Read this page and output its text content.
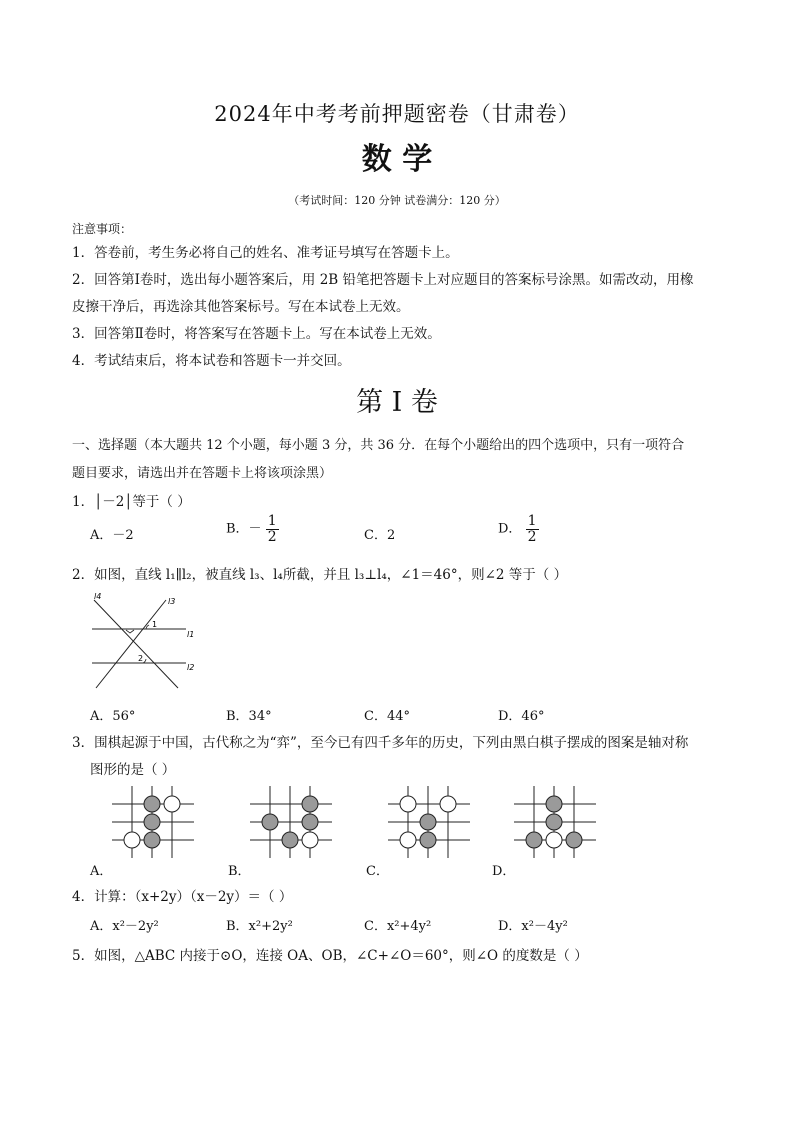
2024年中考考前押题密卷（甘肃卷）
数 学
（考试时间：120 分钟 试卷满分：120 分）
注意事项：
1．答卷前，考生务必将自己的姓名、准考证号填写在答题卡上。
2．回答第Ⅰ卷时，选出每小题答案后，用 2B 铅笔把答题卡上对应题目的答案标号涂黑。如需改动，用橡
皮擦干净后，再选涂其他答案标号。写在本试卷上无效。
3．回答第Ⅱ卷时，将答案写在答题卡上。写在本试卷上无效。
4．考试结束后，将本试卷和答题卡一并交回。
第 I 卷
一、选择题（本大题共 12 个小题，每小题 3 分，共 36 分．在每个小题给出的四个选项中，只有一项符合
题目要求，请选出并在答题卡上将该项涂黑）
1．│－2│等于（ ）
A．－2	B．－ $\frac{1}{2}$	C．2	D． $\frac{1}{2}$
2．如图，直线 l₁∥l₂，被直线 l₃、l₄所截，并且 l₃⊥l₄，∠1＝46°，则∠2 等于（ ）
l4
l3
l1
l2
1
2
A．56°	B．34°	C．44°	D．46°
3．围棋起源于中国，古代称之为“弈”，至今已有四千多年的历史，下列由黑白棋子摆成的图案是轴对称
图形的是（ ）
A．	B．	C．	D．
4．计算：（x+2y）（x－2y）＝（ ）
A．x²－2y²	B．x²+2y²	C．x²+4y²	D．x²－4y²
5．如图，△ABC 内接于⊙O，连接 OA、OB，∠C+∠O＝60°，则∠O 的度数是（ ）
